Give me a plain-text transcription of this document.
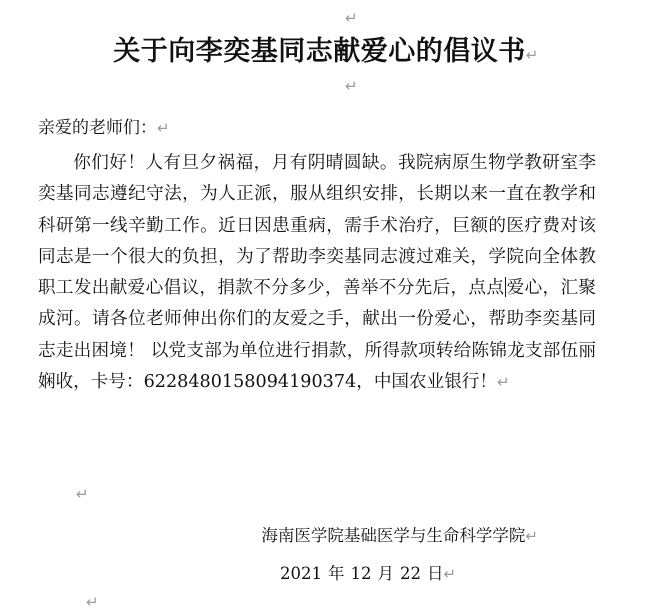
↵
关于向李奕基同志献爱心的倡议书↵
↵
亲爱的老师们：↵

你们好！人有旦夕祸福，月有阴晴圆缺。我院病原生物学教研室李奕基同志遵纪守法，为人正派，服从组织安排，长期以来一直在教学和科研第一线辛勤工作。近日因患重病，需手术治疗，巨额的医疗费对该同志是一个很大的负担，为了帮助李奕基同志渡过难关，学院向全体教职工发出献爱心倡议，捐款不分多少，善举不分先后，点点 爱心，汇聚成河。请各位老师伸出你们的友爱之手，献出一份爱心，帮助李奕基同志走出困境！ 以党支部为单位进行捐款，所得款项转给陈锦龙支部伍丽娴收，卡号：6228480158094190374，中国农业银行！↵

↵
海南医学院基础医学与生命科学学院↵
2021 年 12 月 22 日↵
↵
